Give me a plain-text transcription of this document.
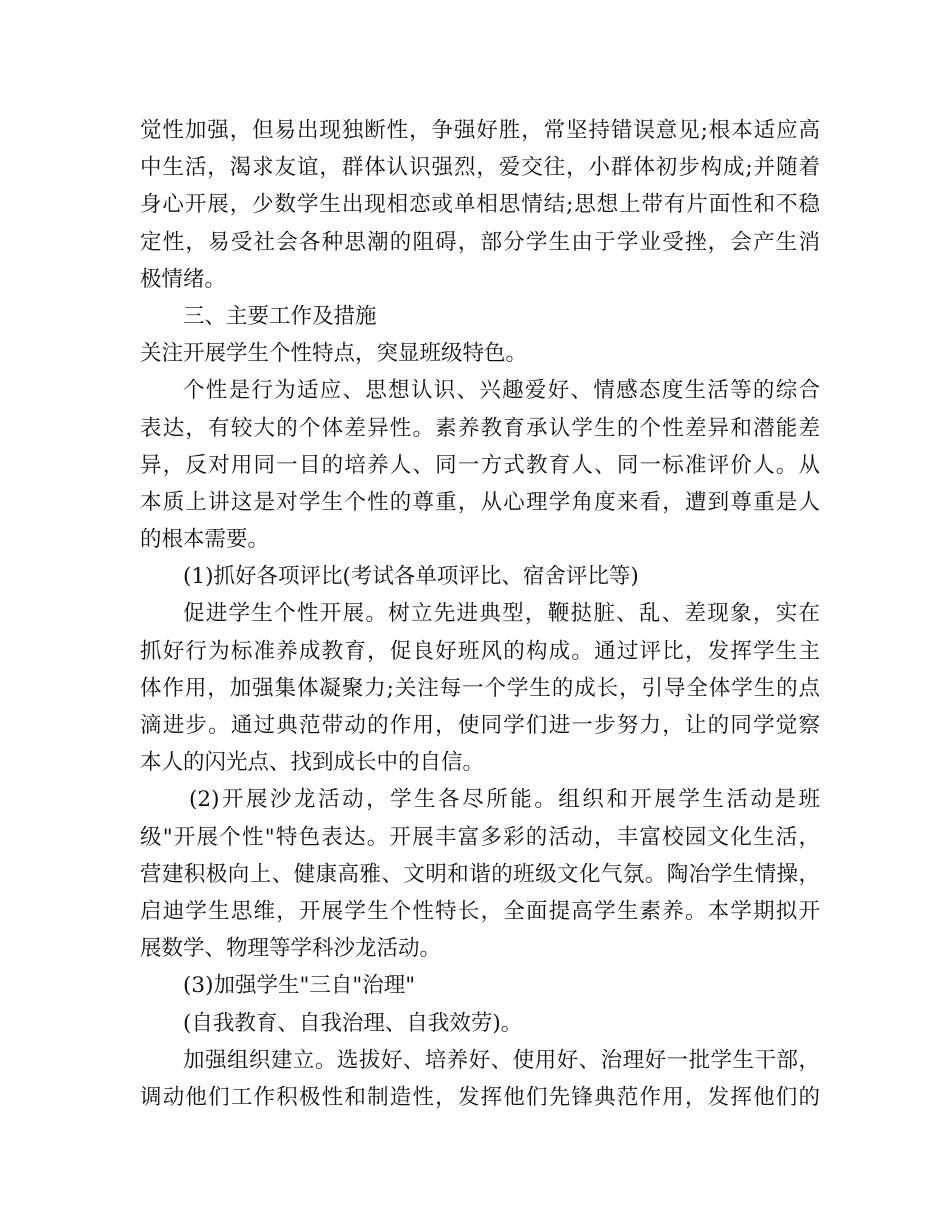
觉性加强，但易出现独断性，争强好胜，常坚持错误意见;根本适应高
中生活，渴求友谊，群体认识强烈，爱交往，小群体初步构成;并随着
身心开展，少数学生出现相恋或单相思情结;思想上带有片面性和不稳
定性，易受社会各种思潮的阻碍，部分学生由于学业受挫，会产生消
极情绪。
三、主要工作及措施
关注开展学生个性特点，突显班级特色。
个性是行为适应、思想认识、兴趣爱好、情感态度生活等的综合
表达，有较大的个体差异性。素养教育承认学生的个性差异和潜能差
异，反对用同一目的培养人、同一方式教育人、同一标准评价人。从
本质上讲这是对学生个性的尊重，从心理学角度来看，遭到尊重是人
的根本需要。
(1)抓好各项评比(考试各单项评比、宿舍评比等)
促进学生个性开展。树立先进典型，鞭挞脏、乱、差现象，实在
抓好行为标准养成教育，促良好班风的构成。通过评比，发挥学生主
体作用，加强集体凝聚力;关注每一个学生的成长，引导全体学生的点
滴进步。通过典范带动的作用，使同学们进一步努力，让的同学觉察
本人的闪光点、找到成长中的自信。
(2)开展沙龙活动，学生各尽所能。组织和开展学生活动是班
级"开展个性"特色表达。开展丰富多彩的活动，丰富校园文化生活，
营建积极向上、健康高雅、文明和谐的班级文化气氛。陶冶学生情操，
启迪学生思维，开展学生个性特长，全面提高学生素养。本学期拟开
展数学、物理等学科沙龙活动。
(3)加强学生"三自"治理"
(自我教育、自我治理、自我效劳)。
加强组织建立。选拔好、培养好、使用好、治理好一批学生干部，
调动他们工作积极性和制造性，发挥他们先锋典范作用，发挥他们的
